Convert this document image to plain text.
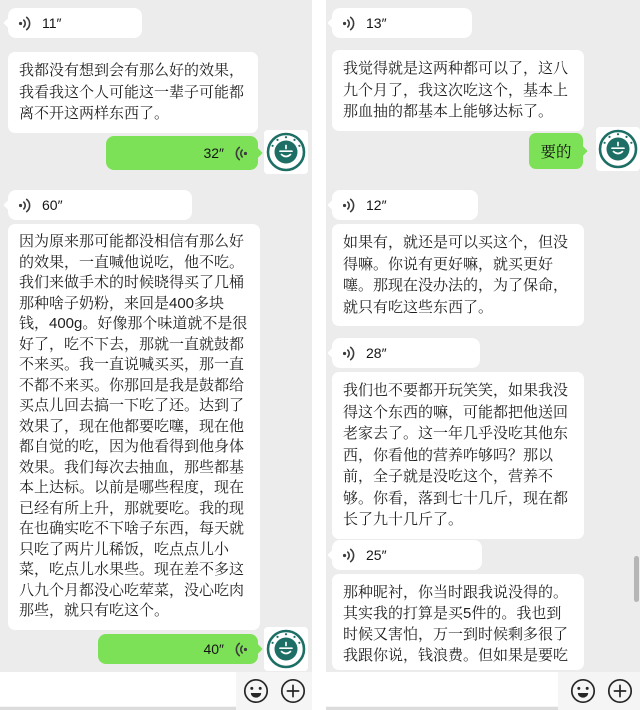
11″
我都没有想到会有那么好的效果，我看我这个人可能这一辈子可能都离不开这两样东西了。
32″
60″
因为原来那可能都没相信有那么好的效果，一直喊他说吃，他不吃。我们来做手术的时候晓得买了几桶那种啥子奶粉，来回是400多块钱，400g。好像那个味道就不是很好了，吃不下去，那就一直就鼓都不来买。我一直说喊买买，那一直不都不来买。你那回是我是鼓都给买点儿回去搞一下吃了还。达到了效果了，现在他都要吃噻，现在他都自觉的吃，因为他看得到他身体效果。我们每次去抽血，那些都基本上达标。以前是哪些程度，现在已经有所上升，那就要吃。我的现在也确实吃不下啥子东西，每天就只吃了两片儿稀饭，吃点点儿小菜，吃点儿水果些。现在差不多这八九个月都没心吃荤菜，没心吃肉那些，就只有吃这个。
40″
13″
我觉得就是这两种都可以了，这八九个月了，我这次吃这个，基本上那血抽的都基本上能够达标了。
要的
12″
如果有，就还是可以买这个，但没得嘛。你说有更好嘛，就买更好噻。那现在没办法的，为了保命，就只有吃这些东西了。
28″
我们也不要都开玩笑笑，如果我没得这个东西的嘛，可能都把他送回老家去了。这一年几乎没吃其他东西，你看他的营养咋够吗？那以前，全子就是没吃这个，营养不够。你看，落到七十几斤，现在都长了九十几斤了。
25″
那种昵衬，你当时跟我说没得的。其实我的打算是买5件的。我也到时候又害怕，万一到时候剩多很了我跟你说，钱浪费。但如果是要吃
